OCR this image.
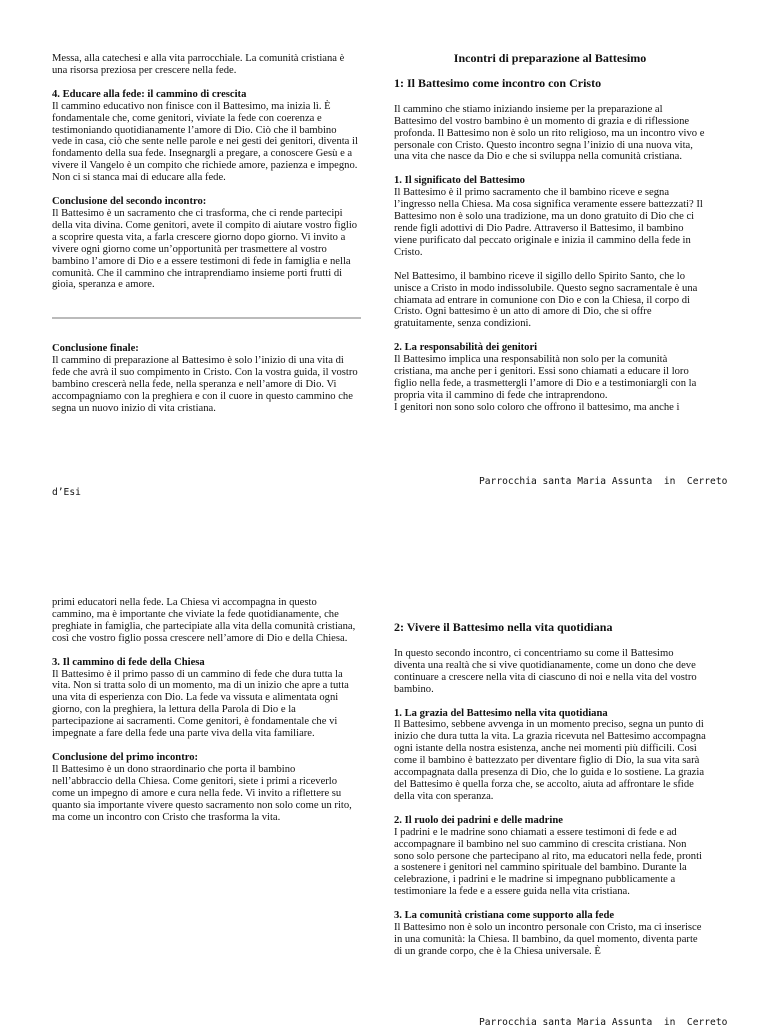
Messa, alla catechesi e alla vita parrocchiale. La comunità cristiana è una risorsa preziosa per crescere nella fede.

4. Educare alla fede: il cammino di crescita

Il cammino educativo non finisce con il Battesimo, ma inizia lì. È fondamentale che, come genitori, viviate la fede con coerenza e testimoniando quotidianamente l’amore di Dio. Ciò che il bambino vede in casa, ciò che sente nelle parole e nei gesti dei genitori, diventa il fondamento della sua fede. Insegnargli a pregare, a conoscere Gesù e a vivere il Vangelo è un compito che richiede amore, pazienza e impegno. Non ci si stanca mai di educare alla fede.

Conclusione del secondo incontro:

Il Battesimo è un sacramento che ci trasforma, che ci rende partecipi della vita divina. Come genitori, avete il compito di aiutare vostro figlio a scoprire questa vita, a farla crescere giorno dopo giorno. Vi invito a vivere ogni giorno come un’opportunità per trasmettere al vostro bambino l’amore di Dio e a essere testimoni di fede in famiglia e nella comunità. Che il cammino che intraprendiamo insieme porti frutti di gioia, speranza e amore.

Conclusione finale:

Il cammino di preparazione al Battesimo è solo l’inizio di una vita di fede che avrà il suo compimento in Cristo. Con la vostra guida, il vostro bambino crescerà nella fede, nella speranza e nell’amore di Dio. Vi accompagniamo con la preghiera e con il cuore in questo cammino che segna un nuovo inizio di vita cristiana.

Incontri di preparazione al Battesimo

1: Il Battesimo come incontro con Cristo

Il cammino che stiamo iniziando insieme per la preparazione al Battesimo del vostro bambino è un momento di grazia e di riflessione profonda. Il Battesimo non è solo un rito religioso, ma un incontro vivo e personale con Cristo. Questo incontro segna l’inizio di una nuova vita, una vita che nasce da Dio e che si sviluppa nella comunità cristiana.

1. Il significato del Battesimo

Il Battesimo è il primo sacramento che il bambino riceve e segna l’ingresso nella Chiesa. Ma cosa significa veramente essere battezzati? Il Battesimo non è solo una tradizione, ma un dono gratuito di Dio che ci rende figli adottivi di Dio Padre. Attraverso il Battesimo, il bambino viene purificato dal peccato originale e inizia il cammino della fede in Cristo.

Nel Battesimo, il bambino riceve il sigillo dello Spirito Santo, che lo unisce a Cristo in modo indissolubile. Questo segno sacramentale è una chiamata ad entrare in comunione con Dio e con la Chiesa, il corpo di Cristo. Ogni battesimo è un atto di amore di Dio, che si offre gratuitamente, senza condizioni.

2. La responsabilità dei genitori

Il Battesimo implica una responsabilità non solo per la comunità cristiana, ma anche per i genitori. Essi sono chiamati a educare il loro figlio nella fede, a trasmettergli l’amore di Dio e a testimoniargli con la propria vita il cammino di fede che intraprendono.

I genitori non sono solo coloro che offrono il battesimo, ma anche i

Parrocchia santa Maria Assunta  in  Cerreto
d’Esi

primi educatori nella fede. La Chiesa vi accompagna in questo cammino, ma è importante che viviate la fede quotidianamente, che preghiate in famiglia, che partecipiate alla vita della comunità cristiana, così che vostro figlio possa crescere nell’amore di Dio e della Chiesa.

3. Il cammino di fede della Chiesa

Il Battesimo è il primo passo di un cammino di fede che dura tutta la vita. Non si tratta solo di un momento, ma di un inizio che apre a tutta una vita di esperienza con Dio. La fede va vissuta e alimentata ogni giorno, con la preghiera, la lettura della Parola di Dio e la partecipazione ai sacramenti. Come genitori, è fondamentale che vi impegnate a fare della fede una parte viva della vita familiare.

Conclusione del primo incontro:

Il Battesimo è un dono straordinario che porta il bambino nell’abbraccio della Chiesa. Come genitori, siete i primi a riceverlo come un impegno di amore e cura nella fede. Vi invito a riflettere su quanto sia importante vivere questo sacramento non solo come un rito, ma come un incontro con Cristo che trasforma la vita.

2: Vivere il Battesimo nella vita quotidiana

In questo secondo incontro, ci concentriamo su come il Battesimo diventa una realtà che si vive quotidianamente, come un dono che deve continuare a crescere nella vita di ciascuno di noi e nella vita del vostro bambino.

1. La grazia del Battesimo nella vita quotidiana

Il Battesimo, sebbene avvenga in un momento preciso, segna un punto di inizio che dura tutta la vita. La grazia ricevuta nel Battesimo accompagna ogni istante della nostra esistenza, anche nei momenti più difficili. Così come il bambino è battezzato per diventare figlio di Dio, la sua vita sarà accompagnata dalla presenza di Dio, che lo guida e lo sostiene. La grazia del Battesimo è quella forza che, se accolto, aiuta ad affrontare le sfide della vita con speranza.

2. Il ruolo dei padrini e delle madrine

I padrini e le madrine sono chiamati a essere testimoni di fede e ad accompagnare il bambino nel suo cammino di crescita cristiana. Non sono solo persone che partecipano al rito, ma educatori nella fede, pronti a sostenere i genitori nel cammino spirituale del bambino. Durante la celebrazione, i padrini e le madrine si impegnano pubblicamente a testimoniare la fede e a essere guida nella vita cristiana.

3. La comunità cristiana come supporto alla fede

Il Battesimo non è solo un incontro personale con Cristo, ma ci inserisce in una comunità: la Chiesa. Il bambino, da quel momento, diventa parte di un grande corpo, che è la Chiesa universale. È

Parrocchia santa Maria Assunta  in  Cerreto
